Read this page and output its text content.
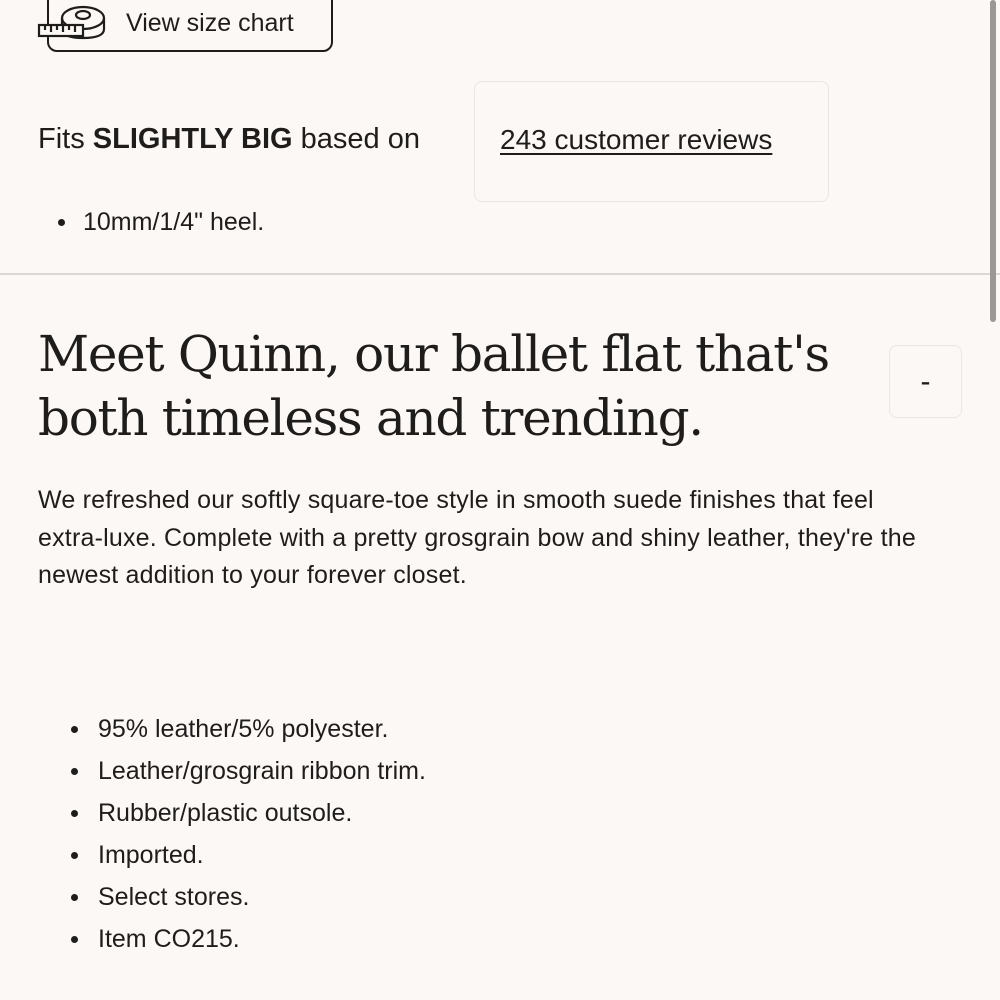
View size chart
Fits SLIGHTLY BIG based on	243 customer reviews
10mm/1/4" heel.
Meet Quinn, our ballet flat that's both timeless and trending.
-

We refreshed our softly square-toe style in smooth suede finishes that feel extra-luxe. Complete with a pretty grosgrain bow and shiny leather, they're the newest addition to your forever closet.

95% leather/5% polyester.
Leather/grosgrain ribbon trim.
Rubber/plastic outsole.
Imported.
Select stores.
Item CO215.
